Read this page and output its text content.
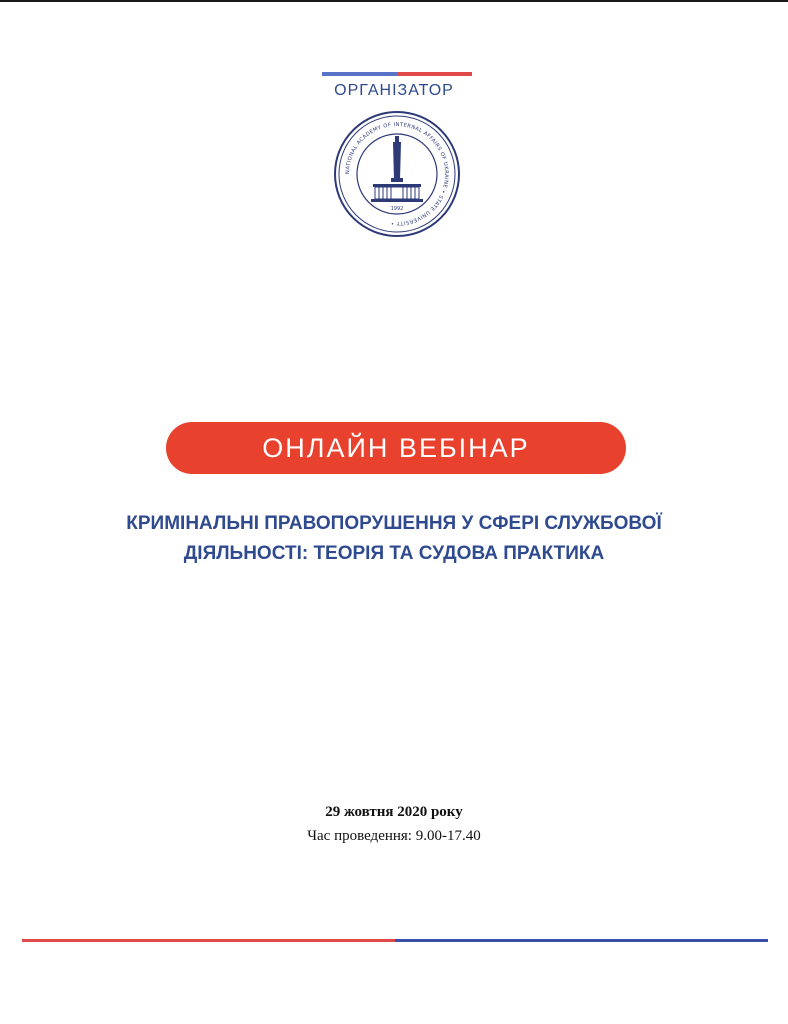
ОРГАНІЗАТОР
NATIONAL ACADEMY OF INTERNAL AFFAIRS OF UKRAINE • STATE UNIVERSITY •
1992
ОНЛАЙН ВЕБІНАР
КРИМІНАЛЬНІ ПРАВОПОРУШЕННЯ У СФЕРІ СЛУЖБОВОЇ
ДІЯЛЬНОСТІ: ТЕОРІЯ ТА СУДОВА ПРАКТИКА
29 жовтня 2020 року
Час проведення: 9.00-17.40
